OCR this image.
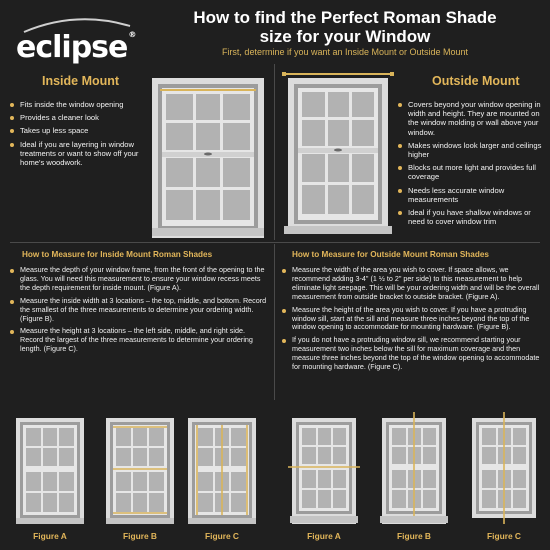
eclipse®
How to find the Perfect Roman Shade
size for your Window
First, determine if you want an Inside Mount or Outside Mount
Inside Mount
Fits inside the window opening
Provides a cleaner look
Takes up less space
Ideal if you are layering in window treatments or want to show off your home's woodwork.
Outside Mount
Covers beyond your window opening in width and height. They are mounted on the window molding or wall above your window.
Makes windows look larger and ceilings higher
Blocks out more light and provides full coverage
Needs less accurate window measurements
Ideal if you have shallow windows or need to cover window trim
How to Measure for Inside Mount Roman Shades
Measure the depth of your window frame, from the front of the opening to the glass. You will need this measurement to ensure your window recess meets the depth requirement for inside mount. (Figure A).
Measure the inside width at 3 locations – the top, middle, and bottom. Record the smallest of the three measurements to determine your ordering width. (Figure B).
Measure the height at 3 locations – the left side, middle, and right side. Record the largest of the three measurements to determine your ordering length. (Figure C).
How to Measure for Outside Mount Roman Shades
Measure the width of the area you wish to cover. If space allows, we recommend adding 3-4" (1 ½ to 2" per side) to this measurement to help eliminate light seepage. This will be your ordering width and will be the overall measurement from outside bracket to outside bracket. (Figure A).
Measure the height of the area you wish to cover. If you have a protruding window sill, start at the sill and measure three inches beyond the top of the window opening to accommodate for mounting hardware. (Figure B).
If you do not have a protruding window sill, we recommend starting your measurement two inches below the sill for maximum coverage and then measure three inches beyond the top of the window opening to accommodate for mounting hardware. (Figure C).
Figure A	Figure B	Figure C	Figure A	Figure B	Figure C
